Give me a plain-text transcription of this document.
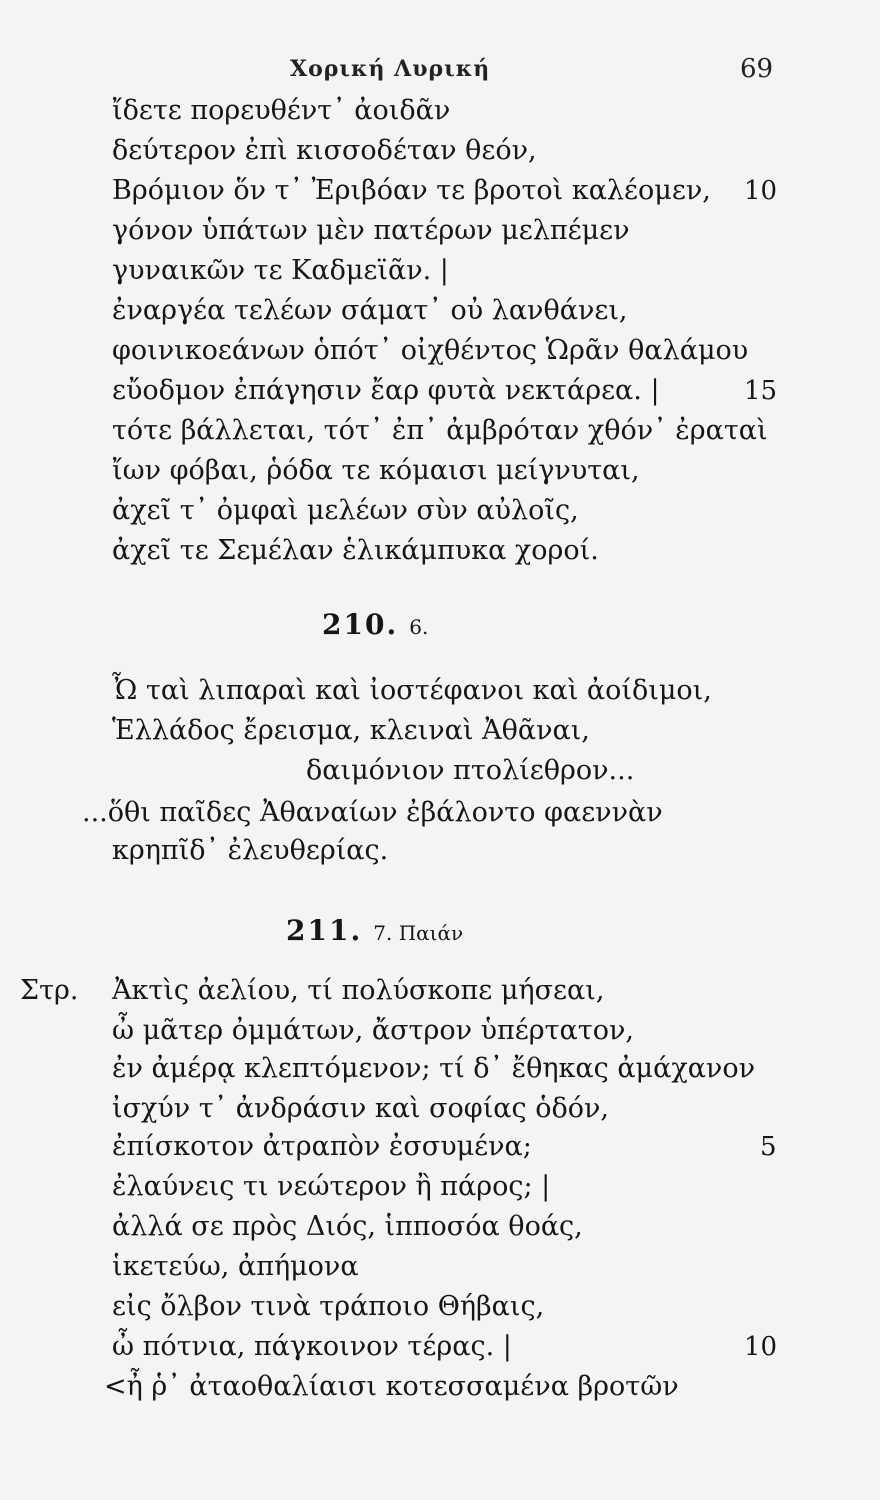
Χορική Λυρική	69
ἴδετε πορευθέντ᾽ ἀοιδᾶν
δεύτερον ἐπὶ κισσοδέταν θεόν,
Βρόμιον ὅν τ᾽ Ἐριβόαν τε βροτοὶ καλέομεν, 10
γόνον ὑπάτων μὲν πατέρων μελπέμεν
γυναικῶν τε Καδμεϊᾶν. |
ἐναργέα τελέων σάματ᾽ οὐ λανθάνει,
φοινικοεάνων ὁπότ᾽ οἰχθέντος Ὡρᾶν θαλάμου
εὔοδμον ἐπάγησιν ἔαρ φυτὰ νεκτάρεα. |	15
τότε βάλλεται, τότ᾽ ἐπ᾽ ἀμβρόταν χθόν᾽ ἐραταὶ
ἴων φόβαι, ῥόδα τε κόμαισι μείγνυται,
ἀχεῖ τ᾽ ὀμφαὶ μελέων σὺν αὐλοῖς,
ἀχεῖ τε Σεμέλαν ἑλικάμπυκα χοροί.
210. 6.
Ὦ ταὶ λιπαραὶ καὶ ἰοστέφανοι καὶ ἀοίδιμοι,
Ἑλλάδος ἔρεισμα, κλειναὶ Ἀθᾶναι,
δαιμόνιον πτολίεθρον...
...ὅθι παῖδες Ἀθαναίων ἐβάλοντο φαεννὰν
κρηπῖδ᾽ ἐλευθερίας.
211. 7. Παιάν
Στρ. Ἀκτὶς ἀελίου, τί πολύσκοπε μήσεαι,
ὦ μᾶτερ ὀμμάτων, ἄστρον ὑπέρτατον,
ἐν ἀμέρᾳ κλεπτόμενον; τί δ᾽ ἔθηκας ἀμάχανον
ἰσχύν τ᾽ ἀνδράσιν καὶ σοφίας ὁδόν,
ἐπίσκοτον ἀτραπὸν ἐσσυμένα;	5
ἐλαύνεις τι νεώτερον ἢ πάρος; |
ἀλλά σε πρὸς Διός, ἱπποσόα θοάς,
ἱκετεύω, ἀπήμονα
εἰς ὄλβον τινὰ τράποιο Θήβαις,
ὦ πότνια, πάγκοινον τέρας. |	10
<ἦ ῥ᾽ ἀταοθαλίαισι κοτεσσαμένα βροτῶν
